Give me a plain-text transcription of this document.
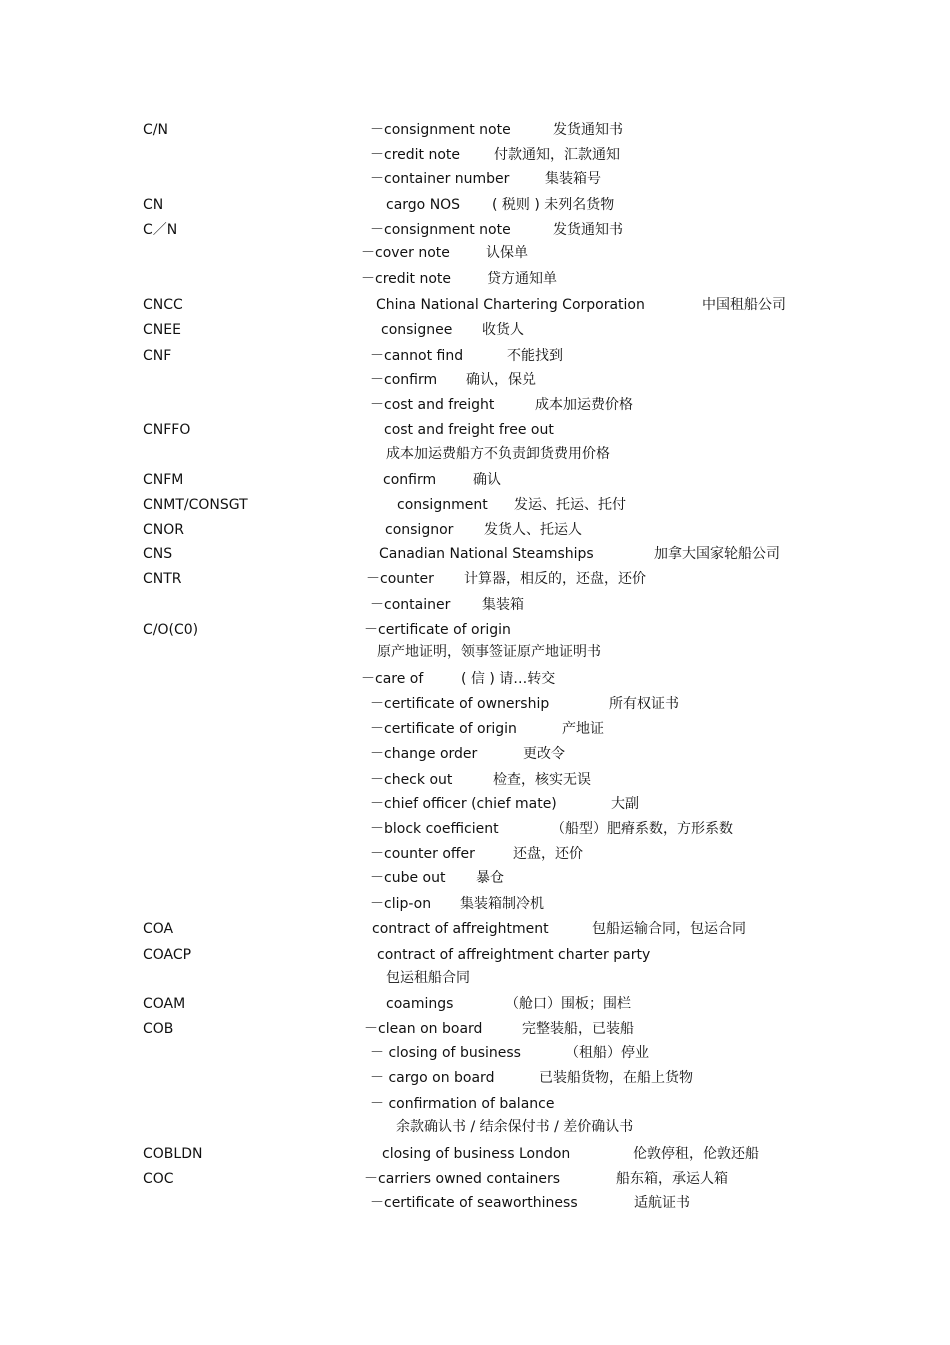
C/N	－consignment note	发货通知书
－credit note 付款通知，汇款通知
－container number	集装箱号
CN	cargo NOS ( 税则 ) 未列名货物
C／N	－consignment note	发货通知书
－cover note	认保单
－credit note	贷方通知单
CNCC	China National Chartering Corporation	中国租船公司
CNEE	consignee 收货人
CNF	－cannot find	不能找到
－confirm 确认，保兑
－cost and freight	成本加运费价格
CNFFO	cost and freight free out
成本加运费船方不负责卸货费用价格
CNFM	confirm	确认
CNMT/CONSGT	consignment 发运、托运、托付
CNOR	consignor 发货人、托运人
CNS	Canadian National Steamships	加拿大国家轮船公司
CNTR	－counter 计算器，相反的，还盘，还价
－container 集装箱
C/O(C0)	－certificate of origin
原产地证明，领事签证原产地证明书
－care of	( 信 ) 请…转交
－certificate of ownership	所有权证书
－certificate of origin	产地证
－change order	更改令
－check out	检查，核实无误
－chief officer (chief mate)	大副
－block coefficient	（船型）肥瘠系数，方形系数
－counter offer	还盘，还价
－cube out 暴仓
－clip-on 集装箱制冷机
COA	contract of affreightment	包船运输合同，包运合同
COACP	contract of affreightment charter party
包运租船合同
COAM	coamings	（舱口）围板；围栏
COB	－clean on board	完整装船，已装船
－ closing of business	（租船）停业
－ cargo on board	已装船货物，在船上货物
－ confirmation of balance
余款确认书 / 结余保付书 / 差价确认书
COBLDN	closing of business London	伦敦停租，伦敦还船
COC	－carriers owned containers	船东箱，承运人箱
－certificate of seaworthiness	适航证书
